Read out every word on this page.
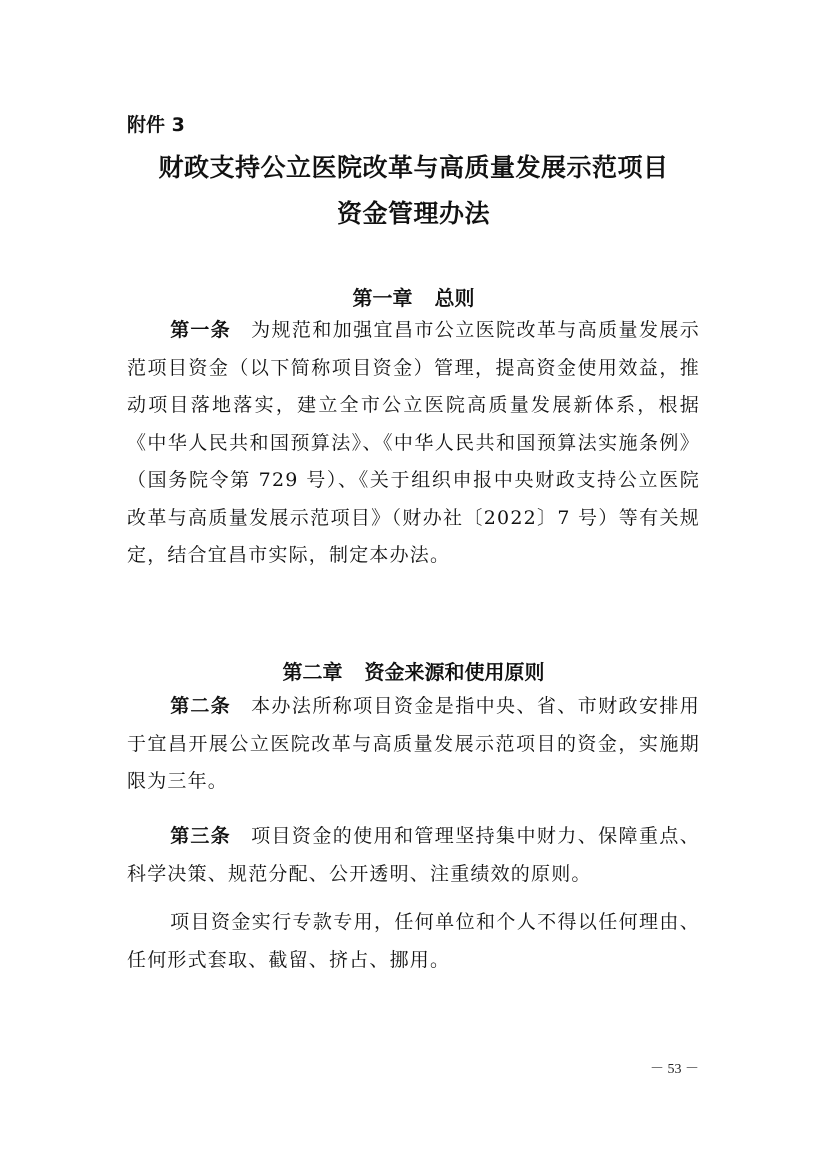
附件 3
财政支持公立医院改革与高质量发展示范项目
资金管理办法
第一章 总则
第一条 为规范和加强宜昌市公立医院改革与高质量发展示范项目资金（以下简称项目资金）管理，提高资金使用效益，推动项目落地落实，建立全市公立医院高质量发展新体系，根据《中华人民共和国预算法》、《中华人民共和国预算法实施条例》（国务院令第 729 号）、《关于组织申报中央财政支持公立医院改革与高质量发展示范项目》（财办社〔2022〕7 号）等有关规定，结合宜昌市实际，制定本办法。
第二章 资金来源和使用原则
第二条 本办法所称项目资金是指中央、省、市财政安排用于宜昌开展公立医院改革与高质量发展示范项目的资金，实施期限为三年。
第三条 项目资金的使用和管理坚持集中财力、保障重点、科学决策、规范分配、公开透明、注重绩效的原则。
项目资金实行专款专用，任何单位和个人不得以任何理由、任何形式套取、截留、挤占、挪用。
－ 53 －
